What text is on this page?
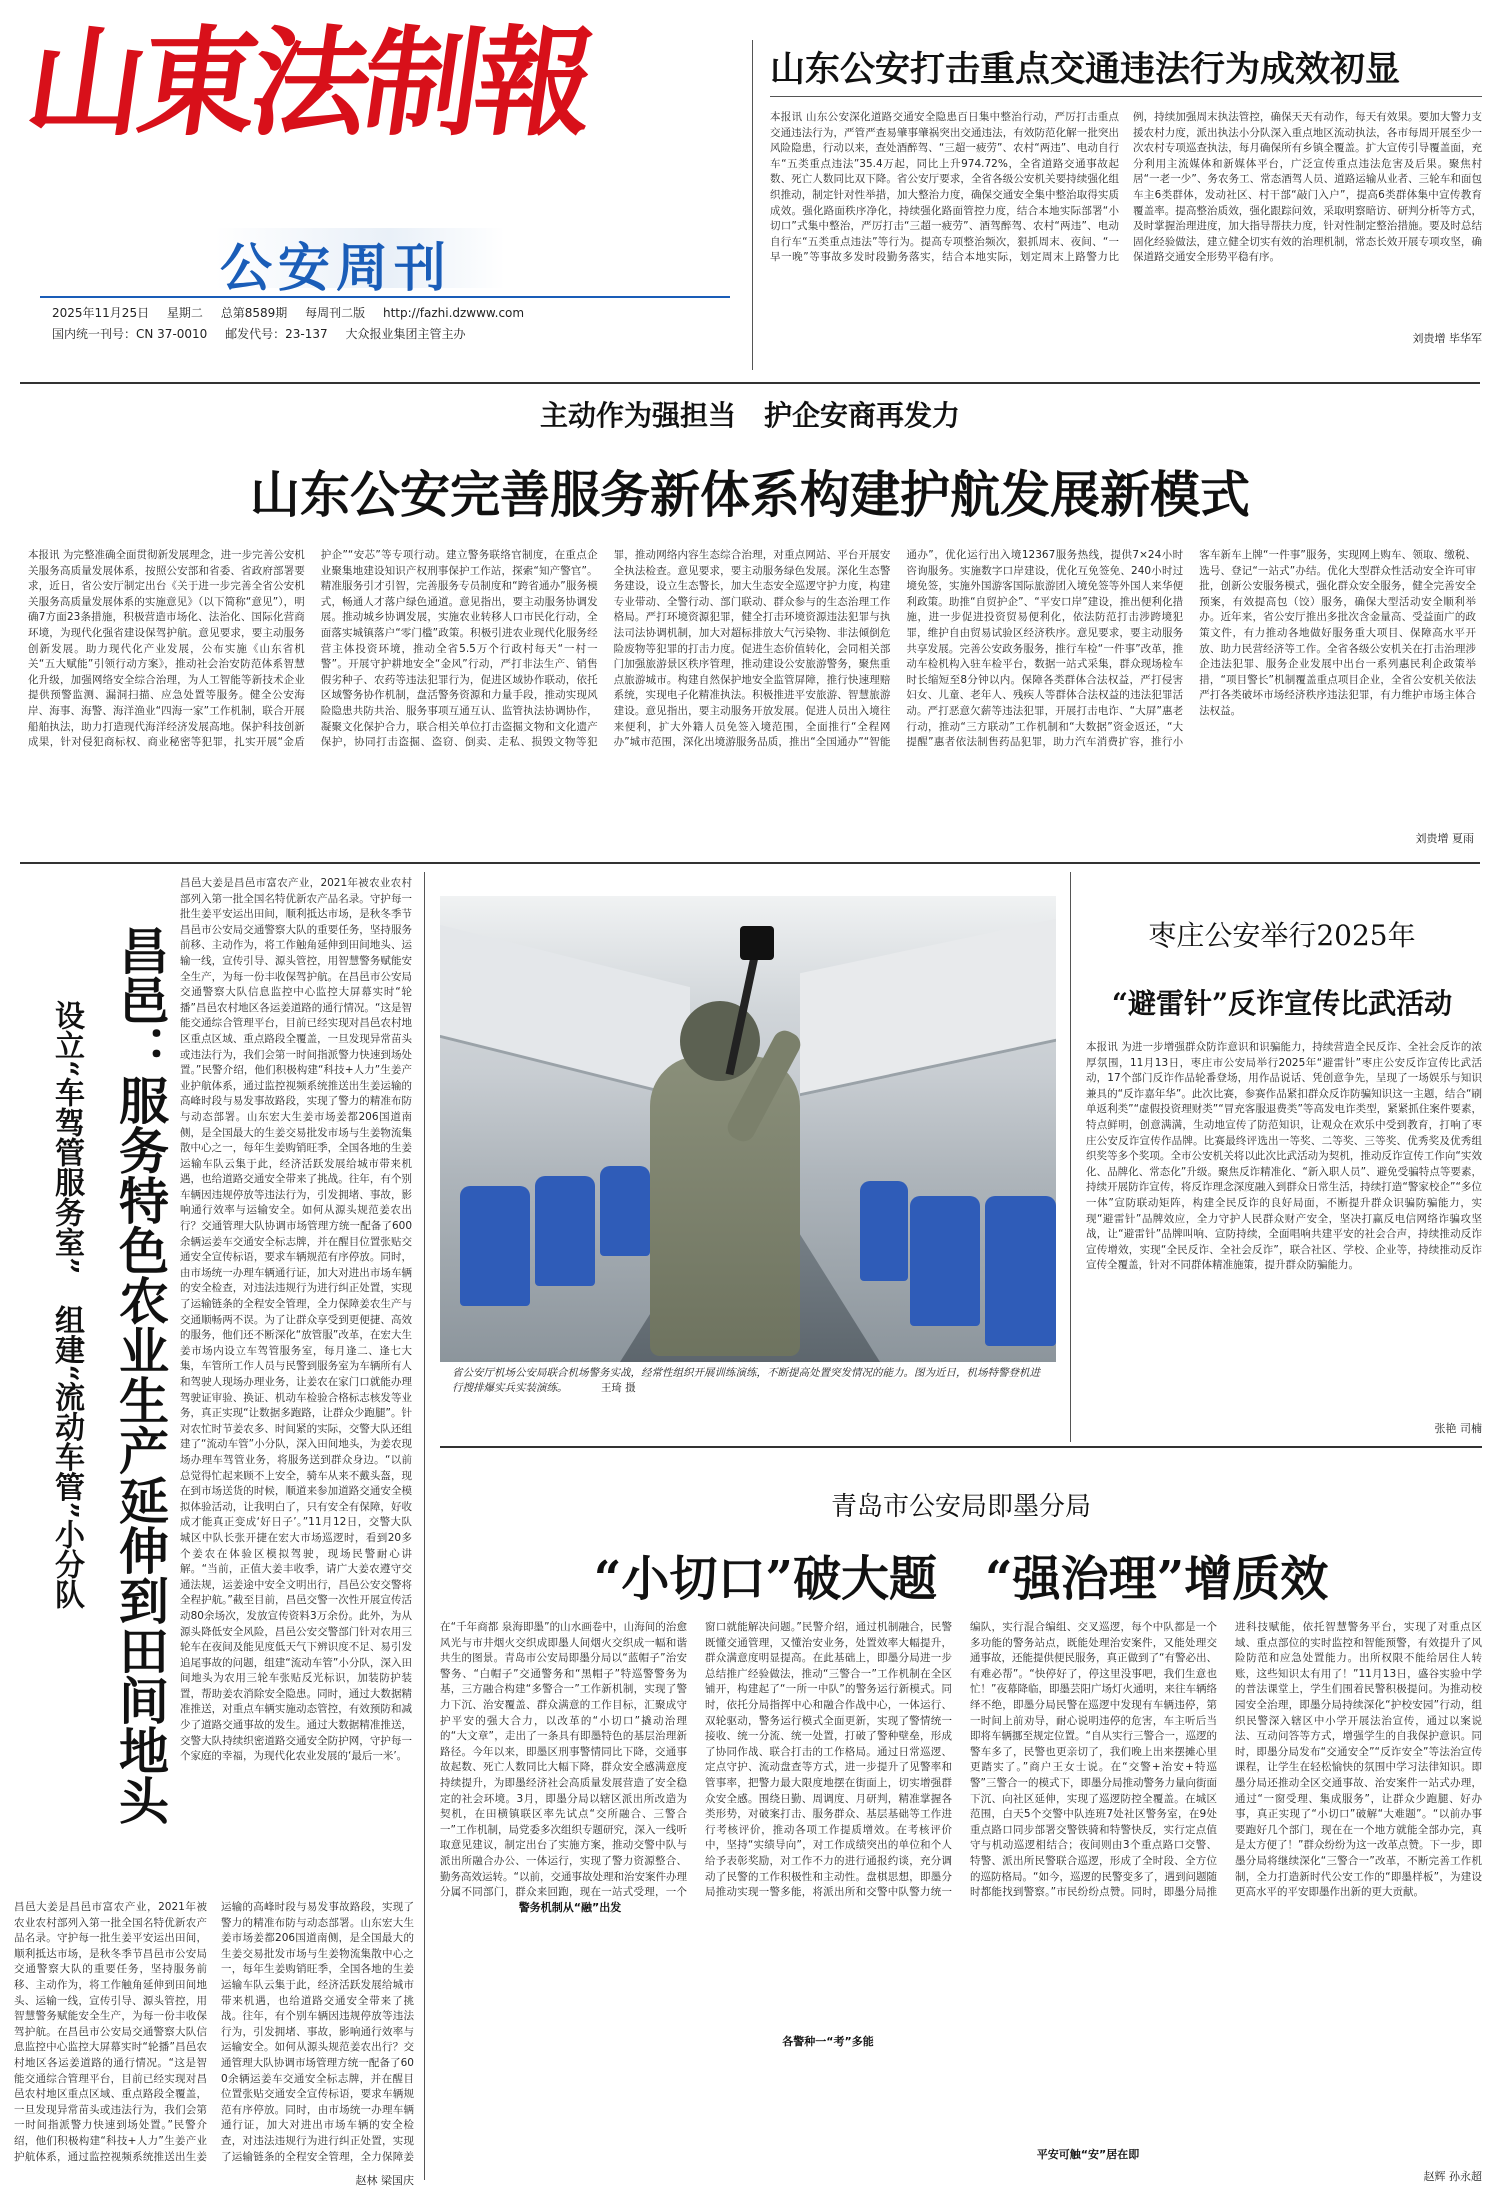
山東法制報
公安周刊
2025年11月25日 星期二 总第8589期 每周刊二版 http://fazhi.dzwww.com
国内统一刊号：CN 37-0010 邮发代号：23-137 大众报业集团主管主办
山东公安打击重点交通违法行为成效初显
本报讯 山东公安深化道路交通安全隐患百日集中整治行动，严厉打击重点交通违法行为，严管严查易肇事肇祸突出交通违法，有效防范化解一批突出风险隐患，行动以来，查处酒醉驾、“三超一疲劳”、农村“两违”、电动自行车“五类重点违法”35.4万起，同比上升974.72%，全省道路交通事故起数、死亡人数同比双下降。省公安厅要求，全省各级公安机关要持续强化组织推动，制定针对性举措，加大整治力度，确保交通安全集中整治取得实质成效。强化路面秩序净化，持续强化路面管控力度，结合本地实际部署“小切口”式集中整治，严厉打击“三超一疲劳”、酒驾醉驾、农村“两违”、电动自行车“五类重点违法”等行为。提高专项整治频次，狠抓周末、夜间、“一早一晚”等事故多发时段勤务落实，结合本地实际，划定周末上路警力比例，持续加强周末执法管控，确保天天有动作，每天有效果。要加大警力支援农村力度，派出执法小分队深入重点地区流动执法，各市每周开展至少一次农村专项巡查执法，每月确保所有乡镇全覆盖。扩大宣传引导覆盖面，充分利用主流媒体和新媒体平台，广泛宣传重点违法危害及后果。聚焦村居“一老一少”、务农务工、常态酒驾人员、道路运输从业者、三轮车和面包车主6类群体，发动社区、村干部“敲门入户”，提高6类群体集中宣传教育覆盖率。提高整治质效，强化跟踪问效，采取明察暗访、研判分析等方式，及时掌握治理进度，加大指导帮扶力度，针对性制定整治措施。要及时总结固化经验做法，建立健全切实有效的治理机制，常态长效开展专项攻坚，确保道路交通安全形势平稳有序。
刘贵增 毕华军
主动作为强担当　护企安商再发力
山东公安完善服务新体系构建护航发展新模式
本报讯 为完整准确全面贯彻新发展理念，进一步完善公安机关服务高质量发展体系，按照公安部和省委、省政府部署要求，近日，省公安厅制定出台《关于进一步完善全省公安机关服务高质量发展体系的实施意见》（以下简称“意见”），明确7方面23条措施，积极营造市场化、法治化、国际化营商环境，为现代化强省建设保驾护航。意见要求，要主动服务创新发展。助力现代化产业发展，公布实施《山东省机关“五大赋能”引领行动方案》，推动社会治安防范体系智慧化升级，加强网络安全综合治理，为人工智能等新技术企业提供预警监测、漏洞扫描、应急处置等服务。健全公安海岸、海事、海警、海洋渔业“四海一家”工作机制，联合开展船舶执法，助力打造现代海洋经济发展高地。保护科技创新成果，针对侵犯商标权、商业秘密等犯罪，扎实开展“金盾护企”“安芯”等专项行动。建立警务联络官制度，在重点企业聚集地建设知识产权刑事保护工作站，探索“知产警官”。精准服务引才引智，完善服务专员制度和“跨省通办”服务模式，畅通人才落户绿色通道。意见指出，要主动服务协调发展。推动城乡协调发展，实施农业转移人口市民化行动，全面落实城镇落户“零门槛”政策。积极引进农业现代化服务经营主体投资环境，推动全省5.5万个行政村每天“一村一警”。开展守护耕地安全“金风”行动，严打非法生产、销售假劣种子、农药等违法犯罪行为，促进区域协作联动，依托区域警务协作机制，盘活警务资源和力量手段，推动实现风险隐患共防共治、服务事项互通互认、监管执法协调协作，凝聚文化保护合力，联合相关单位打击盗掘文物和文化遗产保护，协同打击盗掘、盗窃、倒卖、走私、损毁文物等犯罪，推动网络内容生态综合治理，对重点网站、平台开展安全执法检查。意见要求，要主动服务绿色发展。深化生态警务建设，设立生态警长，加大生态安全巡逻守护力度，构建专业带动、全警行动、部门联动、群众参与的生态治理工作格局。严打环境资源犯罪，健全打击环境资源违法犯罪与执法司法协调机制，加大对超标排放大气污染物、非法倾倒危险废物等犯罪的打击力度。促进生态价值转化，会同相关部门加强旅游景区秩序管理，推动建设公安旅游警务，聚焦重点旅游城市。构建自然保护地安全监管屏障，推行快速理赔系统，实现电子化精准执法。积极推进平安旅游、智慧旅游建设。意见指出，要主动服务开放发展。促进人员出入境往来便利，扩大外籍人员免签入境范围，全面推行“全程网办”城市范围，深化出境游服务品质，推出“全国通办”“智能通办”，优化运行出入境12367服务热线，提供7×24小时咨询服务。实施数字口岸建设，优化互免签免、240小时过境免签，实施外国游客国际旅游团入境免签等外国人来华便利政策。助推“自贸护企”、“平安口岸”建设，推出便利化措施，进一步促进投资贸易便利化，依法防范打击涉跨境犯罪，维护自由贸易试验区经济秩序。意见要求，要主动服务共享发展。完善公安政务服务，推行车检“一件事”改革，推动车检机构入驻车检平台，数据一站式采集，群众现场检车时长缩短至8分钟以内。保障各类群体合法权益，严打侵害妇女、儿童、老年人、残疾人等群体合法权益的违法犯罪活动。严打恶意欠薪等违法犯罪，开展打击电诈、“大屏”惠老行动，推动“三方联动”工作机制和“大数据”资金返还，“大提醒”惠者依法制售药品犯罪，助力汽车消费扩容，推行小客车新车上牌“一件事”服务，实现网上购车、领取、缴税、选号、登记“一站式”办结。优化大型群众性活动安全许可审批，创新公安服务模式，强化群众安全服务，健全完善安全预案，有效提高包（饺）服务，确保大型活动安全顺利举办。近年来，省公安厅推出多批次含金量高、受益面广的政策文件，有力推动各地做好服务重大项目、保障高水平开放、助力民营经济等工作。全省各级公安机关在打击治理涉企违法犯罪、服务企业发展中出台一系列惠民利企政策举措，“项目警长”机制覆盖重点项目企业，全省公安机关依法严打各类破坏市场经济秩序违法犯罪，有力维护市场主体合法权益。
刘贵增 夏雨
设立“车驾管服务室”　组建“流动车管”小分队 昌邑：服务特色农业生产延伸到田间地头
昌邑大姜是昌邑市富农产业，2021年被农业农村部列入第一批全国名特优新农产品名录。守护每一批生姜平安运出田间，顺利抵达市场，是秋冬季节昌邑市公安局交通警察大队的重要任务，坚持服务前移、主动作为，将工作触角延伸到田间地头、运输一线，宣传引导、源头管控，用智慧警务赋能安全生产，为每一份丰收保驾护航。在昌邑市公安局交通警察大队信息监控中心监控大屏幕实时“轮播”昌邑农村地区各运姜道路的通行情况。“这是智能交通综合管理平台，目前已经实现对昌邑农村地区重点区域、重点路段全覆盖，一旦发现异常苗头或违法行为，我们会第一时间指派警力快速到场处置。”民警介绍，他们积极构建“科技+人力”生姜产业护航体系，通过监控视频系统推送出生姜运输的高峰时段与易发事故路段，实现了警力的精准布防与动态部署。山东宏大生姜市场姜都206国道南侧，是全国最大的生姜交易批发市场与生姜物流集散中心之一，每年生姜购销旺季，全国各地的生姜运输车队云集于此，经济活跃发展给城市带来机遇，也给道路交通安全带来了挑战。往年，有个别车辆因违规停放等违法行为，引发拥堵、事故，影响通行效率与运输安全。如何从源头规范姜农出行？交通管理大队协调市场管理方统一配备了600余辆运姜车交通安全标志牌，并在醒目位置张贴交通安全宣传标语，要求车辆规范有序停放。同时，由市场统一办理车辆通行证，加大对进出市场车辆的安全检查，对违法违规行为进行纠正处置，实现了运输链条的全程安全管理，全力保障姜农生产与交通顺畅两不误。为了让群众享受到更便捷、高效的服务，他们还不断深化“放管服”改革，在宏大生姜市场内设立车驾管服务室，每月逢二、逢七大集，车管所工作人员与民警到服务室为车辆所有人和驾驶人现场办理业务，让姜农在家门口就能办理驾驶证审验、换证、机动车检验合格标志核发等业务，真正实现“让数据多跑路，让群众少跑腿”。针对农忙时节姜农多、时间紧的实际，交警大队还组建了“流动车管”小分队，深入田间地头，为姜农现场办理车驾管业务，将服务送到群众身边。“以前总觉得忙起来顾不上安全，骑车从来不戴头盔，现在到市场送货的时候，顺道来参加道路交通安全模拟体验活动，让我明白了，只有安全有保障，好收成才能真正变成‘好日子’。”11月12日，交警大队城区中队长张开捷在宏大市场巡逻时，看到20多个姜农在体验区模拟驾驶，现场民警耐心讲解。“当前，正值大姜丰收季，请广大姜农遵守交通法规，运姜途中安全文明出行，昌邑公安交警将全程护航。”截至目前，昌邑交警一次性开展宣传活动80余场次，发放宣传资料3万余份。此外，为从源头降低安全风险，昌邑公安交警部门针对农用三轮车在夜间及能见度低天气下辨识度不足、易引发追尾事故的问题，组建“流动车管”小分队，深入田间地头为农用三轮车张贴反光标识，加装防护装置，帮助姜农消除安全隐患。同时，通过大数据精准推送，对重点车辆实施动态管控，有效预防和减少了道路交通事故的发生。通过大数据精准推送，交警大队持续织密道路交通安全防护网，守护每一个家庭的幸福，为现代化农业发展的‘最后一米’。
昌邑大姜是昌邑市富农产业，2021年被农业农村部列入第一批全国名特优新农产品名录。守护每一批生姜平安运出田间，顺利抵达市场，是秋冬季节昌邑市公安局交通警察大队的重要任务，坚持服务前移、主动作为，将工作触角延伸到田间地头、运输一线，宣传引导、源头管控，用智慧警务赋能安全生产，为每一份丰收保驾护航。在昌邑市公安局交通警察大队信息监控中心监控大屏幕实时“轮播”昌邑农村地区各运姜道路的通行情况。“这是智能交通综合管理平台，目前已经实现对昌邑农村地区重点区域、重点路段全覆盖，一旦发现异常苗头或违法行为，我们会第一时间指派警力快速到场处置。”民警介绍，他们积极构建“科技+人力”生姜产业护航体系，通过监控视频系统推送出生姜运输的高峰时段与易发事故路段，实现了警力的精准布防与动态部署。山东宏大生姜市场姜都206国道南侧，是全国最大的生姜交易批发市场与生姜物流集散中心之一，每年生姜购销旺季，全国各地的生姜运输车队云集于此，经济活跃发展给城市带来机遇，也给道路交通安全带来了挑战。往年，有个别车辆因违规停放等违法行为，引发拥堵、事故，影响通行效率与运输安全。如何从源头规范姜农出行？交通管理大队协调市场管理方统一配备了600余辆运姜车交通安全标志牌，并在醒目位置张贴交通安全宣传标语，要求车辆规范有序停放。同时，由市场统一办理车辆通行证，加大对进出市场车辆的安全检查，对违法违规行为进行纠正处置，实现了运输链条的全程安全管理，全力保障姜
赵林 梁国庆
省公安厅机场公安局联合机场警务实战，经常性组织开展训练演练，不断提高处置突发情况的能力。图为近日，机场特警登机进行搜排爆实兵实装演练。	王琦 摄
枣庄公安举行2025年
“避雷针”反诈宣传比武活动
本报讯 为进一步增强群众防诈意识和识骗能力，持续营造全民反诈、全社会反诈的浓厚氛围，11月13日，枣庄市公安局举行2025年“避雷针”枣庄公安反诈宣传比武活动，17个部门反诈作品轮番登场，用作品说话、凭创意争先，呈现了一场娱乐与知识兼具的“反诈嘉年华”。此次比赛，参赛作品紧扣群众反诈防骗知识这一主题，结合“刷单返利类”“虚假投资理财类”“冒充客服退费类”等高发电诈类型，紧紧抓住案件要素，特点鲜明，创意满满，生动地宣传了防范知识，让观众在欢乐中受到教育，打响了枣庄公安反诈宣传作品牌。比赛最终评选出一等奖、二等奖、三等奖、优秀奖及优秀组织奖等多个奖项。全市公安机关将以此次比武活动为契机，推动反诈宣传工作向“实效化、品牌化、常态化”升级。聚焦反诈精准化、“新入职人员”、避免受骗特点等要素，持续开展防诈宣传，将反诈理念深度融入到群众日常生活，持续打造“警家校企”“多位一体”宣防联动矩阵，构建全民反诈的良好局面，不断提升群众识骗防骗能力，实现“避雷针”品牌效应，全力守护人民群众财产安全，坚决打赢反电信网络诈骗攻坚战，让“避雷针”品牌叫响、宣防持续，全面唱响共建平安的社会合声，持续推动反诈宣传增效，实现“全民反诈、全社会反诈”，联合社区、学校、企业等，持续推动反诈宣传全覆盖，针对不同群体精准施策，提升群众防骗能力。
张艳 司楠
青岛市公安局即墨分局
“小切口”破大题　“强治理”增质效
在“千年商都 泉海即墨”的山水画卷中，山海间的治愈风光与市井烟火交织成即墨人间烟火交织成一幅和谐共生的图景。青岛市公安局即墨分局以“蓝帽子”治安警务、“白帽子”交通警务和“黑帽子”特巡警警务为基，三方融合构建“多警合一”工作新机制，实现了警力下沉、治安覆盖、群众满意的工作目标，汇聚成守护平安的强大合力，以改革的“小切口”撬动治理的“大文章”，走出了一条具有即墨特色的基层治理新路径。今年以来，即墨区刑事警情同比下降，交通事故起数、死亡人数同比大幅下降，群众安全感满意度持续提升，为即墨经济社会高质量发展营造了安全稳定的社会环境。3月，即墨分局以辖区派出所改造为契机，在田横镇联区率先试点“交所融合、三警合一”工作机制，局党委多次组织专题研究，深入一线听取意见建议，制定出台了实施方案，推动交警中队与派出所融合办公、一体运行，实现了警力资源整合、勤务高效运转。“以前，交通事故处理和治安案件办理分属不同部门，群众来回跑，现在一站式受理，一个窗口就能解决问题。”民警介绍，通过机制融合，民警既懂交通管理，又懂治安业务，处置效率大幅提升，群众满意度明显提高。在此基础上，即墨分局进一步总结推广经验做法，推动“三警合一”工作机制在全区铺开，构建起了“一所一中队”的警务运行新模式。同时，依托分局指挥中心和融合作战中心，一体运行、双轮驱动，警务运行模式全面更新，实现了警情统一接收、统一分流、统一处置，打破了警种壁垒，形成了协同作战、联合打击的工作格局。通过日常巡逻、定点守护、流动盘查等方式，进一步提升了见警率和管事率，把警力最大限度地摆在街面上，切实增强群众安全感。围绕日勤、周调度、月研判，精准掌握各类形势，对破案打击、服务群众、基层基础等工作进行考核评价，推动各项工作提质增效。在考核评价中，坚持“实绩导向”，对工作成绩突出的单位和个人给予表彰奖励，对工作不力的进行通报约谈，充分调动了民警的工作积极性和主动性。盘棋思想，即墨分局推动实现一警多能，将派出所和交警中队警力统一编队，实行混合编组、交叉巡逻，每个中队都是一个多功能的警务站点，既能处理治安案件，又能处理交通事故，还能提供便民服务，真正做到了“有警必出、有难必帮”。“快停好了，停这里没事吧，我们生意也忙！”夜幕降临，即墨芸阳广场灯火通明，来往车辆络绎不绝，即墨分局民警在巡逻中发现有车辆违停，第一时间上前劝导，耐心说明违停的危害，车主听后当即将车辆挪至规定位置。“自从实行三警合一，巡逻的警车多了，民警也更亲切了，我们晚上出来摆摊心里更踏实了。”商户王女士说。在“交警+治安+特巡警”三警合一的模式下，即墨分局推动警务力量向街面下沉、向社区延伸，实现了巡逻防控全覆盖。在城区范围，白天5个交警中队连班7处社区警务室，在9处重点路口同步部署交警铁骑和特警快反，实行定点值守与机动巡逻相结合；夜间则由3个重点路口交警、特警、派出所民警联合巡逻，形成了全时段、全方位的巡防格局。“如今，巡逻的民警变多了，遇到问题随时都能找到警察。”市民纷纷点赞。同时，即墨分局推进科技赋能，依托智慧警务平台，实现了对重点区域、重点部位的实时监控和智能预警，有效提升了风险防范和应急处置能力。出所权限不能给居住人转账，这些知识太有用了！”11月13日，盛谷实验中学的普法课堂上，学生们围着民警积极提问。为推动校园安全治理，即墨分局持续深化“护校安园”行动，组织民警深入辖区中小学开展法治宣传，通过以案说法、互动问答等方式，增强学生的自我保护意识。同时，即墨分局发布“交通安全”“反诈安全”等法治宣传课程，让学生在轻松愉快的氛围中学习法律知识。即墨分局还推动全区交通事故、治安案件一站式办理，通过“一窗受理、集成服务”，让群众少跑腿、好办事，真正实现了“小切口”破解“大难题”。“以前办事要跑好几个部门，现在在一个地方就能全部办完，真是太方便了！”群众纷纷为这一改革点赞。下一步，即墨分局将继续深化“三警合一”改革，不断完善工作机制，全力打造新时代公安工作的“即墨样板”，为建设更高水平的平安即墨作出新的更大贡献。
警务机制从“融”出发
各警种一“考”多能
平安可触“安”居在即
赵辉 孙永超
